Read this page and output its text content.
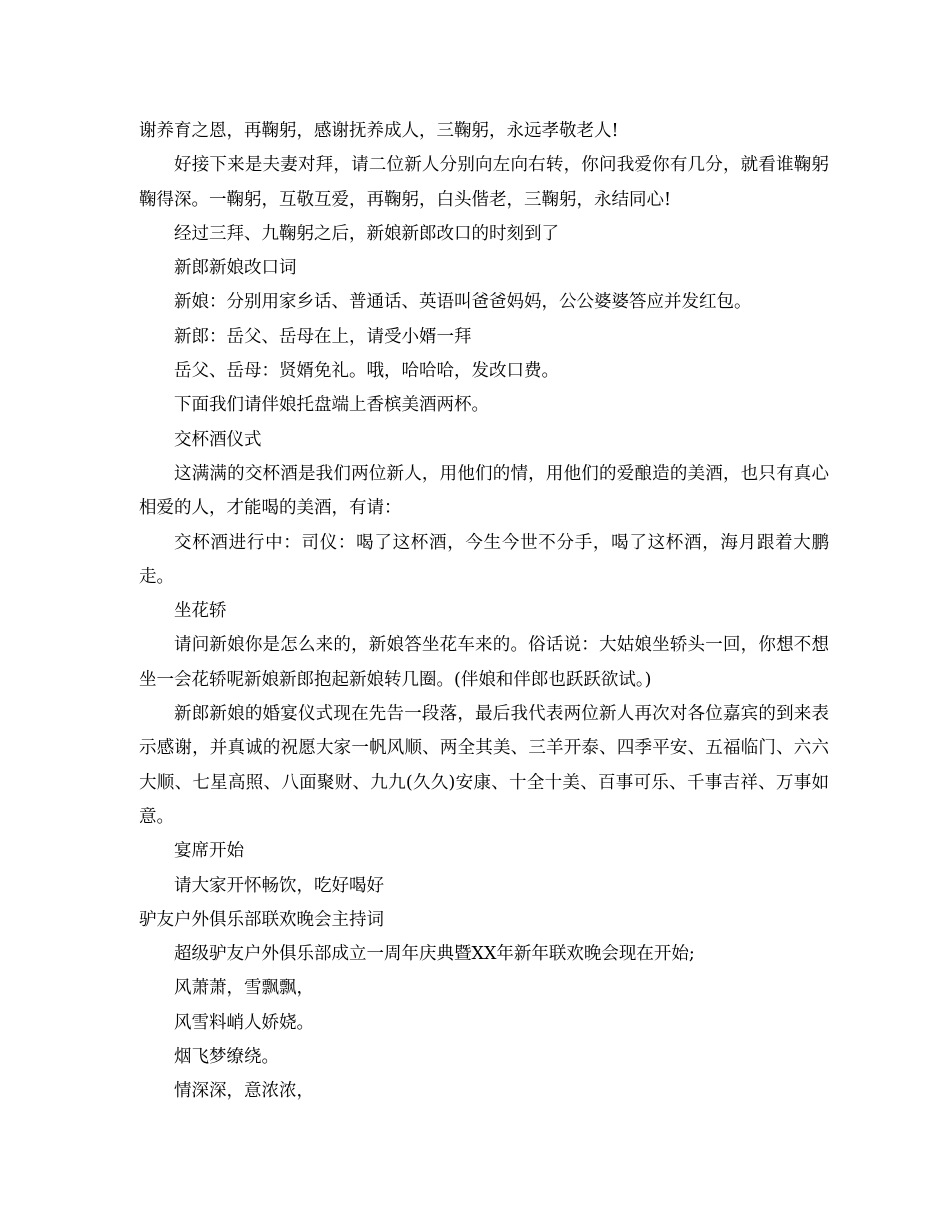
谢养育之恩，再鞠躬，感谢抚养成人，三鞠躬，永远孝敬老人!

好接下来是夫妻对拜，请二位新人分别向左向右转，你问我爱你有几分，就看谁鞠躬鞠得深。一鞠躬，互敬互爱，再鞠躬，白头偕老，三鞠躬，永结同心!

经过三拜、九鞠躬之后，新娘新郎改口的时刻到了

新郎新娘改口词

新娘：分别用家乡话、普通话、英语叫爸爸妈妈，公公婆婆答应并发红包。

新郎：岳父、岳母在上，请受小婿一拜

岳父、岳母：贤婿免礼。哦，哈哈哈，发改口费。

下面我们请伴娘托盘端上香槟美酒两杯。

交杯酒仪式

这满满的交杯酒是我们两位新人，用他们的情，用他们的爱酿造的美酒，也只有真心相爱的人，才能喝的美酒，有请：

交杯酒进行中：司仪：喝了这杯酒，今生今世不分手，喝了这杯酒，海月跟着大鹏走。

坐花轿

请问新娘你是怎么来的，新娘答坐花车来的。俗话说：大姑娘坐轿头一回，你想不想坐一会花轿呢新娘新郎抱起新娘转几圈。(伴娘和伴郎也跃跃欲试。)

新郎新娘的婚宴仪式现在先告一段落，最后我代表两位新人再次对各位嘉宾的到来表示感谢，并真诚的祝愿大家一帆风顺、两全其美、三羊开泰、四季平安、五福临门、六六大顺、七星高照、八面聚财、九九(久久)安康、十全十美、百事可乐、千事吉祥、万事如意。

宴席开始

请大家开怀畅饮，吃好喝好

驴友户外俱乐部联欢晚会主持词

超级驴友户外俱乐部成立一周年庆典暨XX年新年联欢晚会现在开始;

风萧萧，雪飘飘，

风雪料峭人娇娆。

烟飞梦缭绕。

情深深，意浓浓，
